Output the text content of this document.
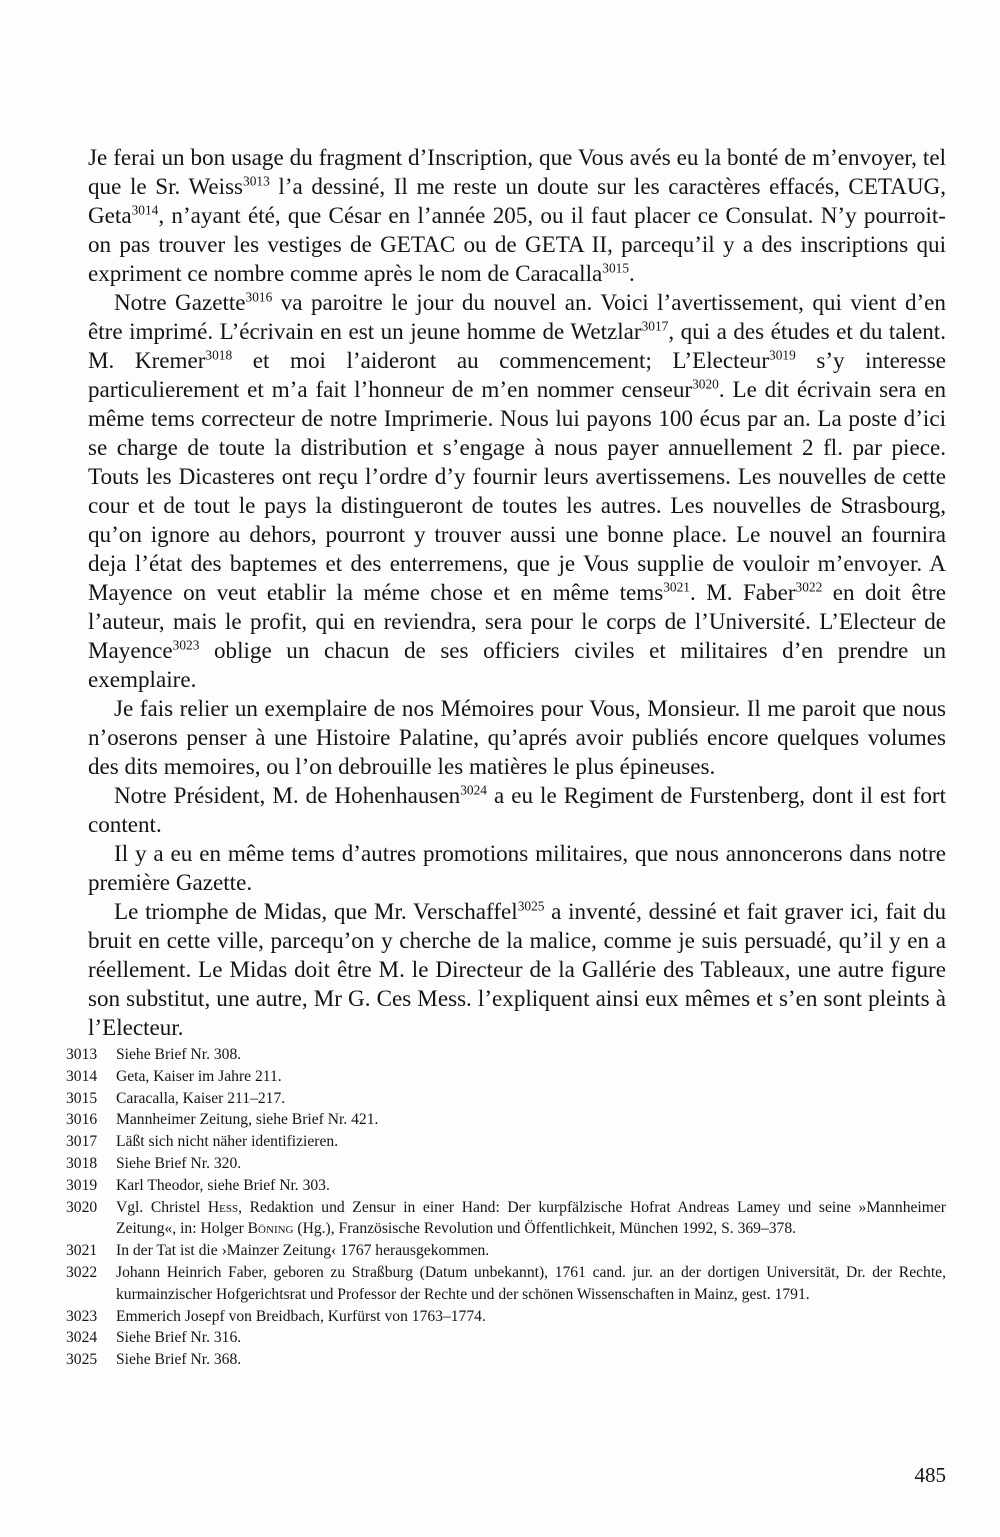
Je ferai un bon usage du fragment d’Inscription, que Vous avés eu la bonté de m’envoyer, tel que le Sr. Weiss$^{3013}$ l’a dessiné, Il me reste un doute sur les caractères effacés, CETAUG, Geta$^{3014}$, n’ayant été, que César en l’année 205, ou il faut placer ce Consulat. N’y pourroit-on pas trouver les vestiges de GETAC ou de GETA II, parcequ’il y a des inscriptions qui expriment ce nombre comme après le nom de Caracalla$^{3015}$.

Notre Gazette$^{3016}$ va paroitre le jour du nouvel an. Voici l’avertissement, qui vient d’en être imprimé. L’écrivain en est un jeune homme de Wetzlar$^{3017}$, qui a des études et du talent. M. Kremer$^{3018}$ et moi l’aideront au commencement; L’Electeur$^{3019}$ s’y interesse particulierement et m’a fait l’honneur de m’en nommer censeur$^{3020}$. Le dit écrivain sera en même tems correcteur de notre Imprimerie. Nous lui payons 100 écus par an. La poste d’ici se charge de toute la distribution et s’engage à nous payer annuellement 2 fl. par piece. Touts les Dicasteres ont reçu l’ordre d’y fournir leurs avertissemens. Les nouvelles de cette cour et de tout le pays la distingueront de toutes les autres. Les nouvelles de Strasbourg, qu’on ignore au dehors, pourront y trouver aussi une bonne place. Le nouvel an fournira deja l’état des baptemes et des enterremens, que je Vous supplie de vouloir m’envoyer. A Mayence on veut etablir la méme chose et en même tems$^{3021}$. M. Faber$^{3022}$ en doit être l’auteur, mais le profit, qui en reviendra, sera pour le corps de l’Université. L’Electeur de Mayence$^{3023}$ oblige un chacun de ses officiers civiles et militaires d’en prendre un exemplaire.

Je fais relier un exemplaire de nos Mémoires pour Vous, Monsieur. Il me paroit que nous n’oserons penser à une Histoire Palatine, qu’aprés avoir publiés encore quelques volumes des dits memoires, ou l’on debrouille les matières le plus épineuses.

Notre Président, M. de Hohenhausen$^{3024}$ a eu le Regiment de Furstenberg, dont il est fort content.

Il y a eu en même tems d’autres promotions militaires, que nous annoncerons dans notre première Gazette.

Le triomphe de Midas, que Mr. Verschaffel$^{3025}$ a inventé, dessiné et fait graver ici, fait du bruit en cette ville, parcequ’on y cherche de la malice, comme je suis persuadé, qu’il y en a réellement. Le Midas doit être M. le Directeur de la Gallérie des Tableaux, une autre figure son substitut, une autre, Mr G. Ces Mess. l’expliquent ainsi eux mêmes et s’en sont pleints à l’Electeur.

3013	Siehe Brief Nr. 308.
3014	Geta, Kaiser im Jahre 211.
3015	Caracalla, Kaiser 211–217.
3016	Mannheimer Zeitung, siehe Brief Nr. 421.
3017	Läßt sich nicht näher identifizieren.
3018	Siehe Brief Nr. 320.
3019	Karl Theodor, siehe Brief Nr. 303.
3020	Vgl. Christel Hess, Redaktion und Zensur in einer Hand: Der kurpfälzische Hofrat Andreas Lamey und seine »Mannheimer Zeitung«, in: Holger Böning (Hg.), Französische Revolution und Öffentlichkeit, München 1992, S. 369–378.
3021	In der Tat ist die ›Mainzer Zeitung‹ 1767 herausgekommen.
3022	Johann Heinrich Faber, geboren zu Straßburg (Datum unbekannt), 1761 cand. jur. an der dortigen Universität, Dr. der Rechte, kurmainzischer Hofgerichtsrat und Professor der Rechte und der schönen Wissenschaften in Mainz, gest. 1791.
3023	Emmerich Josepf von Breidbach, Kurfürst von 1763–1774.
3024	Siehe Brief Nr. 316.
3025	Siehe Brief Nr. 368.
485
